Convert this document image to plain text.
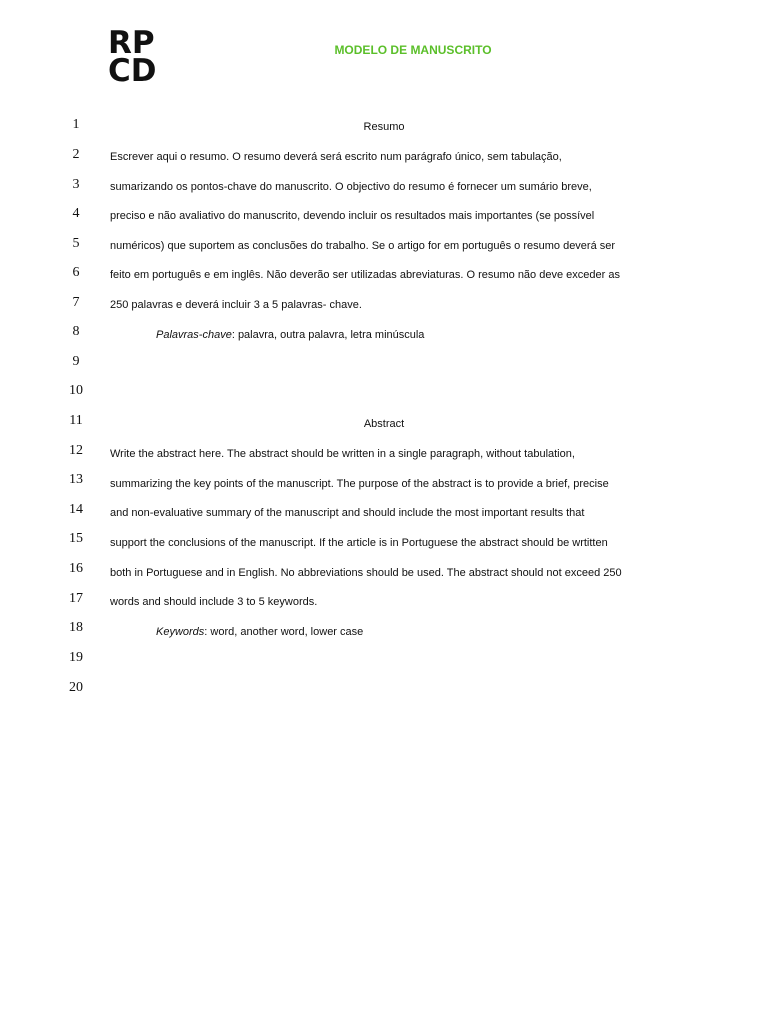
RP
CD
MODELO DE MANUSCRITO
1
2
3
4
5
6
7
8
9
10
11
12
13
14
15
16
17
18
19
20
Resumo
Escrever aqui o resumo. O resumo deverá será escrito num parágrafo único, sem tabulação,
sumarizando os pontos-chave do manuscrito. O objectivo do resumo é fornecer um sumário breve,
preciso e não avaliativo do manuscrito, devendo incluir os resultados mais importantes (se possível
numéricos) que suportem as conclusões do trabalho. Se o artigo for em português o resumo deverá ser
feito em português e em inglês. Não deverão ser utilizadas abreviaturas. O resumo não deve exceder as
250 palavras e deverá incluir 3 a 5 palavras- chave.
Palavras-chave: palavra, outra palavra, letra minúscula
Abstract
Write the abstract here. The abstract should be written in a single paragraph, without tabulation,
summarizing the key points of the manuscript. The purpose of the abstract is to provide a brief, precise
and non-evaluative summary of the manuscript and should include the most important results that
support the conclusions of the manuscript. If the article is in Portuguese the abstract should be wrtitten
both in Portuguese and in English. No abbreviations should be used. The abstract should not exceed 250
words and should include 3 to 5 keywords.
Keywords: word, another word, lower case
